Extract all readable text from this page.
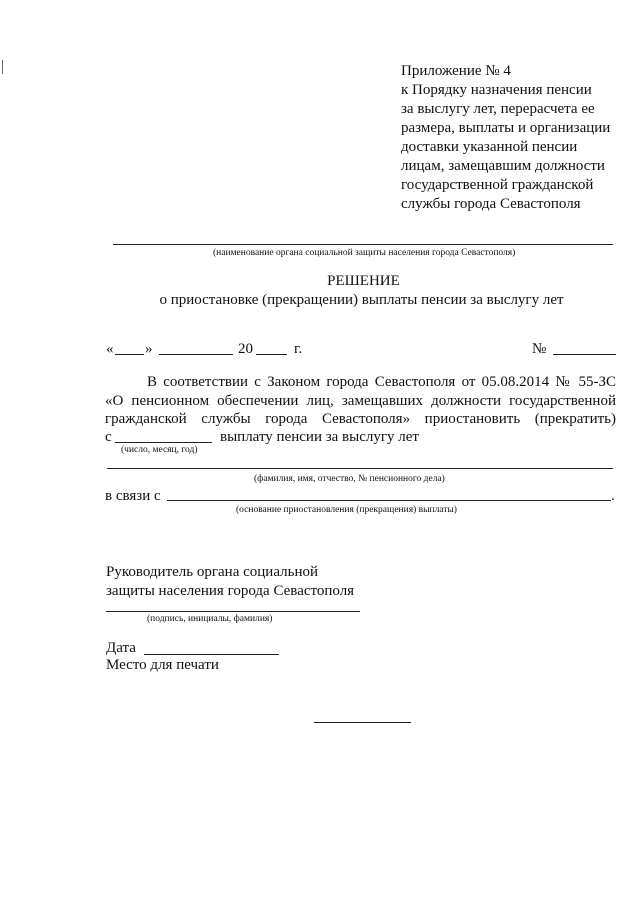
Приложение № 4
к Порядку назначения пенсии
за выслугу лет, перерасчета ее
размера, выплаты и организации
доставки указанной пенсии
лицам, замещавшим должности
государственной гражданской
службы города Севастополя
(наименование органа социальной защиты населения города Севастополя)
РЕШЕНИЕ
о приостановке (прекращении) выплаты пенсии за выслугу лет
« »	20	г.	№
В соответствии с Законом города Севастополя от 05.08.2014 № 55-ЗС
«О пенсионном обеспечении лиц, замещавших должности государственной
гражданской службы города Севастополя» приостановить (прекратить)
с	выплату пенсии за выслугу лет
(число, месяц, год)
(фамилия, имя, отчество, № пенсионного дела)
в связи с	.
(основание приостановления (прекращения) выплаты)
Руководитель органа социальной
защиты населения города Севастополя
(подпись, инициалы, фамилия)
Дата
Место для печати
